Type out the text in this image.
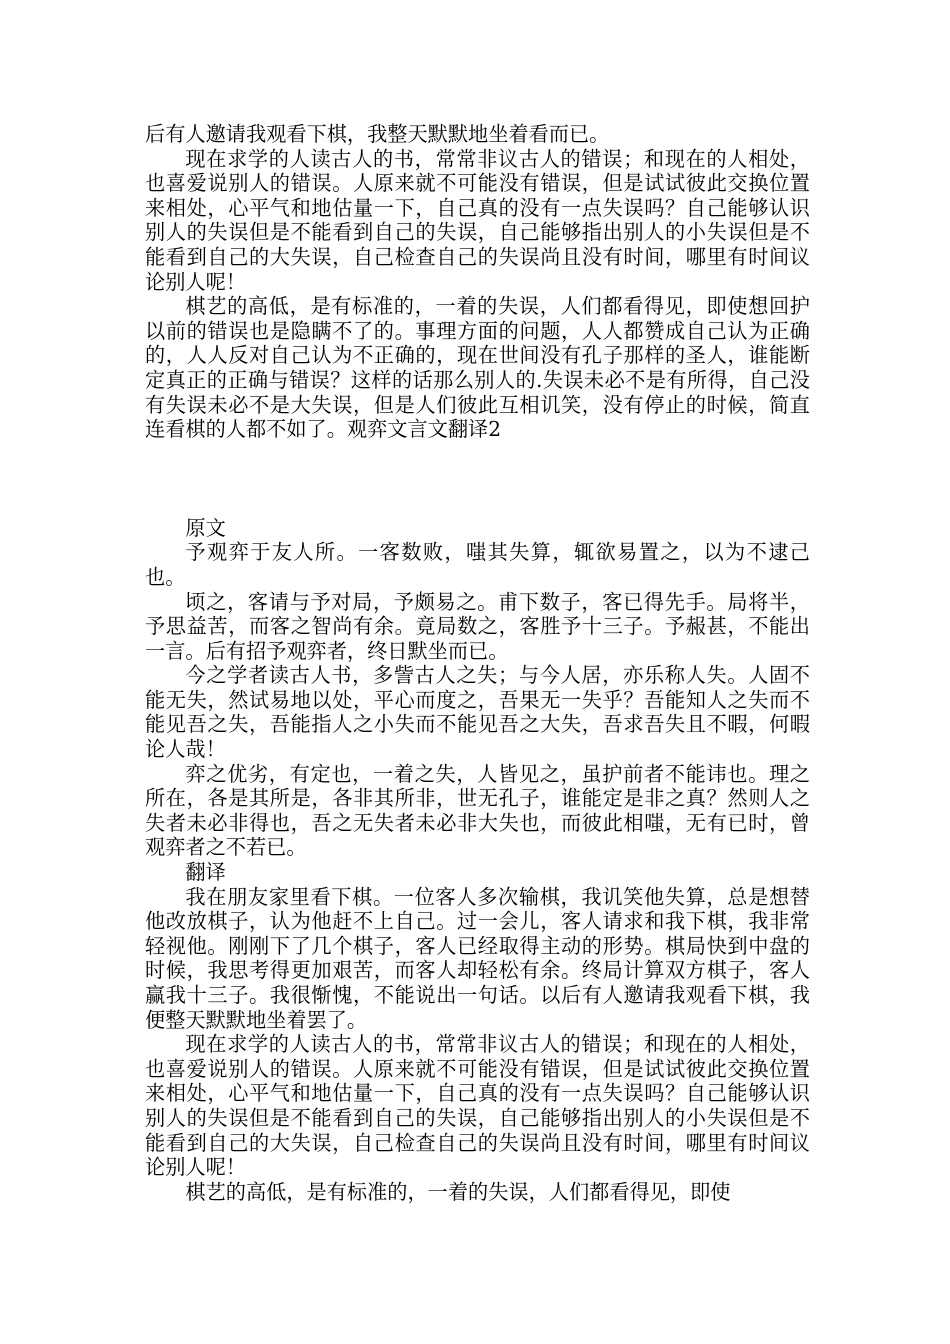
后有人邀请我观看下棋，我整天默默地坐着看而已。

现在求学的人读古人的书，常常非议古人的错误；和现在的人相处，也喜爱说别人的错误。人原来就不可能没有错误，但是试试彼此交换位置来相处，心平气和地估量一下，自己真的没有一点失误吗？自己能够认识别人的失误但是不能看到自己的失误，自己能够指出别人的小失误但是不能看到自己的大失误，自己检查自己的失误尚且没有时间，哪里有时间议论别人呢！

棋艺的高低，是有标准的，一着的失误，人们都看得见，即使想回护以前的错误也是隐瞒不了的。事理方面的问题，人人都赞成自己认为正确的，人人反对自己认为不正确的，现在世间没有孔子那样的圣人，谁能断定真正的正确与错误？这样的话那么别人的.失误未必不是有所得，自己没有失误未必不是大失误，但是人们彼此互相讥笑，没有停止的时候，简直连看棋的人都不如了。观弈文言文翻译2

原文

予观弈于友人所。一客数败，嗤其失算，辄欲易置之，以为不逮己也。

顷之，客请与予对局，予颇易之。甫下数子，客已得先手。局将半，予思益苦，而客之智尚有余。竟局数之，客胜予十三子。予赧甚，不能出一言。后有招予观弈者，终日默坐而已。

今之学者读古人书，多訾古人之失；与今人居，亦乐称人失。人固不能无失，然试易地以处，平心而度之，吾果无一失乎？吾能知人之失而不能见吾之失，吾能指人之小失而不能见吾之大失，吾求吾失且不暇，何暇论人哉！

弈之优劣，有定也，一着之失，人皆见之，虽护前者不能讳也。理之所在，各是其所是，各非其所非，世无孔子，谁能定是非之真？然则人之失者未必非得也，吾之无失者未必非大失也，而彼此相嗤，无有已时，曾观弈者之不若已。

翻译

我在朋友家里看下棋。一位客人多次输棋，我讥笑他失算，总是想替他改放棋子，认为他赶不上自己。过一会儿，客人请求和我下棋，我非常轻视他。刚刚下了几个棋子，客人已经取得主动的形势。棋局快到中盘的时候，我思考得更加艰苦，而客人却轻松有余。终局计算双方棋子，客人赢我十三子。我很惭愧，不能说出一句话。以后有人邀请我观看下棋，我便整天默默地坐着罢了。

现在求学的人读古人的书，常常非议古人的错误；和现在的人相处，也喜爱说别人的错误。人原来就不可能没有错误，但是试试彼此交换位置来相处，心平气和地估量一下，自己真的没有一点失误吗？自己能够认识别人的失误但是不能看到自己的失误，自己能够指出别人的小失误但是不能看到自己的大失误，自己检查自己的失误尚且没有时间，哪里有时间议论别人呢！

棋艺的高低，是有标准的，一着的失误，人们都看得见，即使
